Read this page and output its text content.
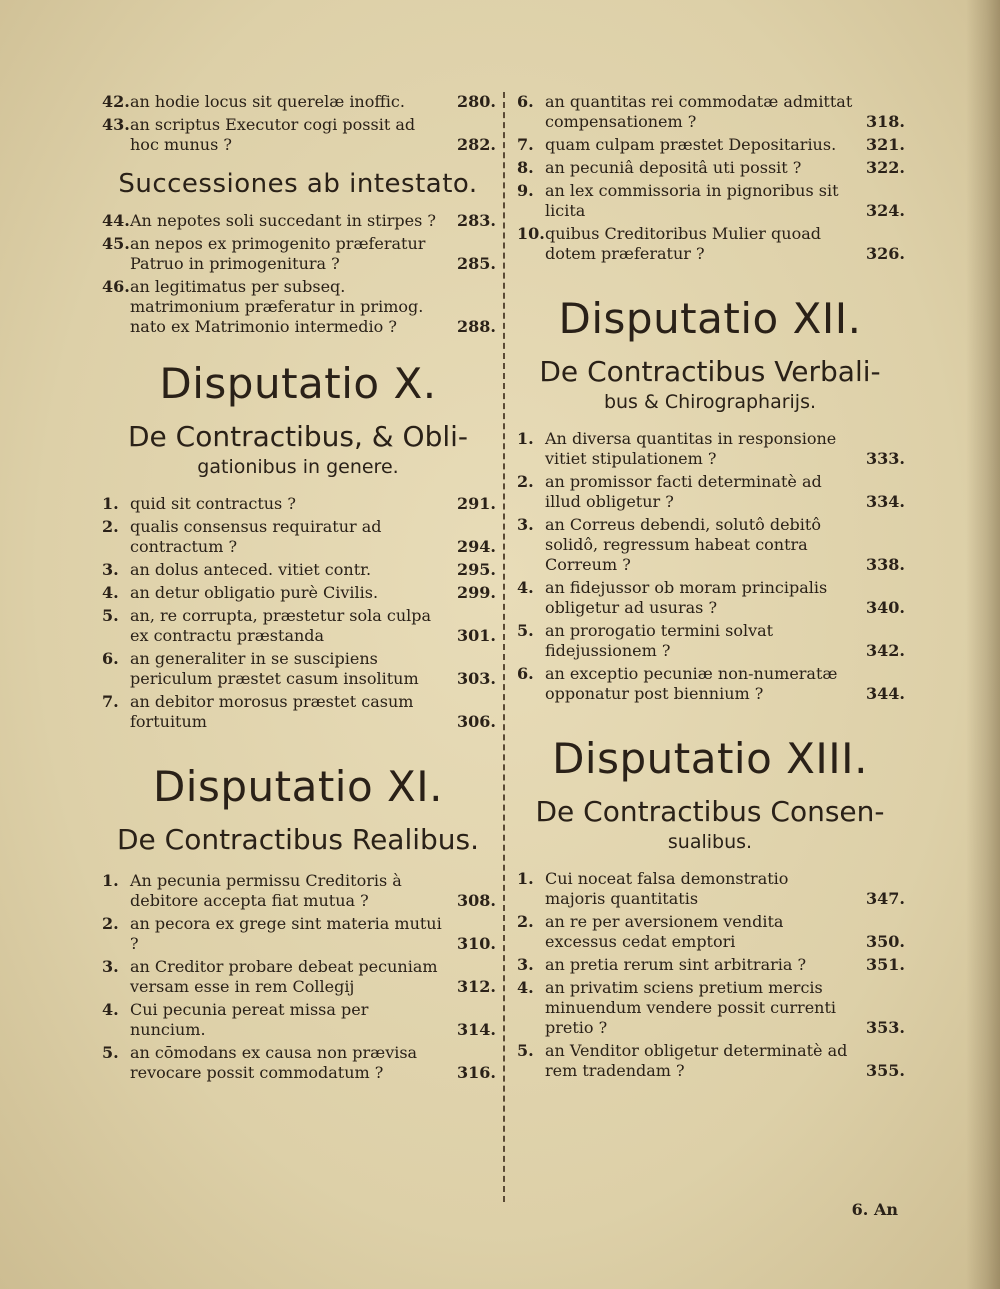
42. an hodie locus sit querelæ inoffic.	280.
43. an scriptus Executor cogi possit ad hoc munus ?	282.
Successiones ab intestato.
44. An nepotes soli succedant in stirpes ? 283.
45. an nepos ex primogenito præferatur Patruo in primogenitura ?	285.
46. an legitimatus per subseq. matrimonium præferatur in primog. nato ex Matrimonio intermedio ?	288.
Disputatio X.
De Contractibus, & Obli-
gationibus in genere.
1. quid sit contractus ?	291.
2. qualis consensus requiratur ad contractum ?	294.
3. an dolus anteced. vitiet contr.	295.
4. an detur obligatio purè Civilis.	299.
5. an, re corrupta, præstetur sola culpa ex contractu præstanda	301.
6. an generaliter in se suscipiens periculum præstet casum insolitum 303.
7. an debitor morosus præstet casum fortuitum	306.
Disputatio XI.
De Contractibus Realibus.
1. An pecunia permissu Creditoris à debitore accepta fiat mutua ?	308.
2. an pecora ex grege sint materia mutui ?	310.
3. an Creditor probare debeat pecuniam versam esse in rem Collegij	312.
4. Cui pecunia pereat missa per nuncium.	314.
5. an cōmodans ex causa non prævisa revocare possit commodatum ?	316.
6. an quantitas rei commodatæ admittat compensationem ?	318.
7. quam culpam præstet Depositarius. 321.
8. an pecuniâ depositâ uti possit ?	322.
9. an lex commissoria in pignoribus sit licita	324.
10. quibus Creditoribus Mulier quoad dotem præferatur ?	326.
Disputatio XII.
De Contractibus Verbali-
bus & Chirographarijs.
1. An diversa quantitas in responsione vitiet stipulationem ?	333.
2. an promissor facti determinatè ad illud obligetur ?	334.
3. an Correus debendi, solutô debitô solidô, regressum habeat contra Correum ?	338.
4. an fidejussor ob moram principalis obligetur ad usuras ?	340.
5. an prorogatio termini solvat fidejussionem ?	342.
6. an exceptio pecuniæ non-numeratæ opponatur post biennium ?	344.
Disputatio XIII.
De Contractibus Consen-
sualibus.
1. Cui noceat falsa demonstratio majoris quantitatis	347.
2. an re per aversionem vendita excessus cedat emptori	350.
3. an pretia rerum sint arbitraria ?	351.
4. an privatim sciens pretium mercis minuendum vendere possit currenti pretio ?	353.
5. an Venditor obligetur determinatè ad rem tradendam ?	355.
6. An
